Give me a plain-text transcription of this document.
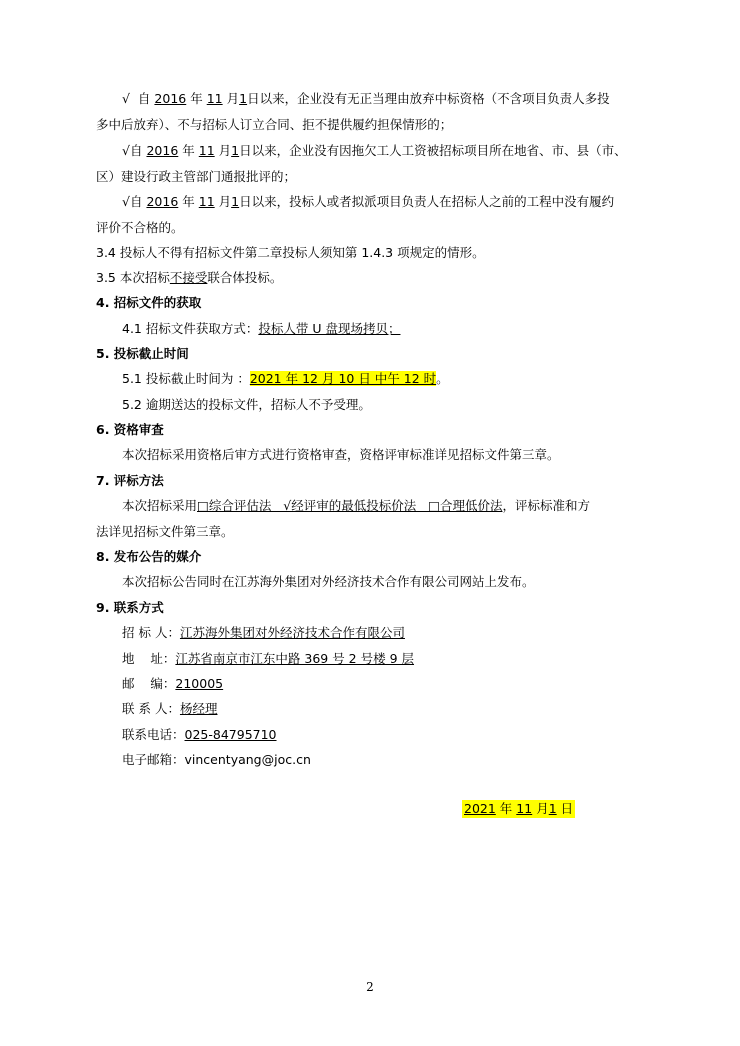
√ 自 2016 年 11 月1日以来，企业没有无正当理由放弃中标资格（不含项目负责人多投
多中后放弃）、不与招标人订立合同、拒不提供履约担保情形的；
√自 2016 年 11 月1日以来，企业没有因拖欠工人工资被招标项目所在地省、市、县（市、
区）建设行政主管部门通报批评的；
√自 2016 年 11 月1日以来，投标人或者拟派项目负责人在招标人之前的工程中没有履约
评价不合格的。
3.4 投标人不得有招标文件第二章投标人须知第 1.4.3 项规定的情形。
3.5 本次招标不接受联合体投标。
4. 招标文件的获取
4.1 招标文件获取方式：投标人带 U 盘现场拷贝；
5. 投标截止时间
5.1 投标截止时间为 ：2021 年 12 月 10 日 中午 12 时。
5.2 逾期送达的投标文件，招标人不予受理。
6. 资格审查
本次招标采用资格后审方式进行资格审查，资格评审标准详见招标文件第三章。
7. 评标方法
本次招标采用□综合评估法   √经评审的最低投标价法   □合理低价法，评标标准和方
法详见招标文件第三章。
8. 发布公告的媒介
本次招标公告同时在江苏海外集团对外经济技术合作有限公司网站上发布。
9. 联系方式
招 标 人：江苏海外集团对外经济技术合作有限公司
地    址：江苏省南京市江东中路 369 号 2 号楼 9 层
邮    编：210005
联 系 人：杨经理
联系电话：025-84795710
电子邮箱：vincentyang@joc.cn
2021 年 11 月1 日
2
